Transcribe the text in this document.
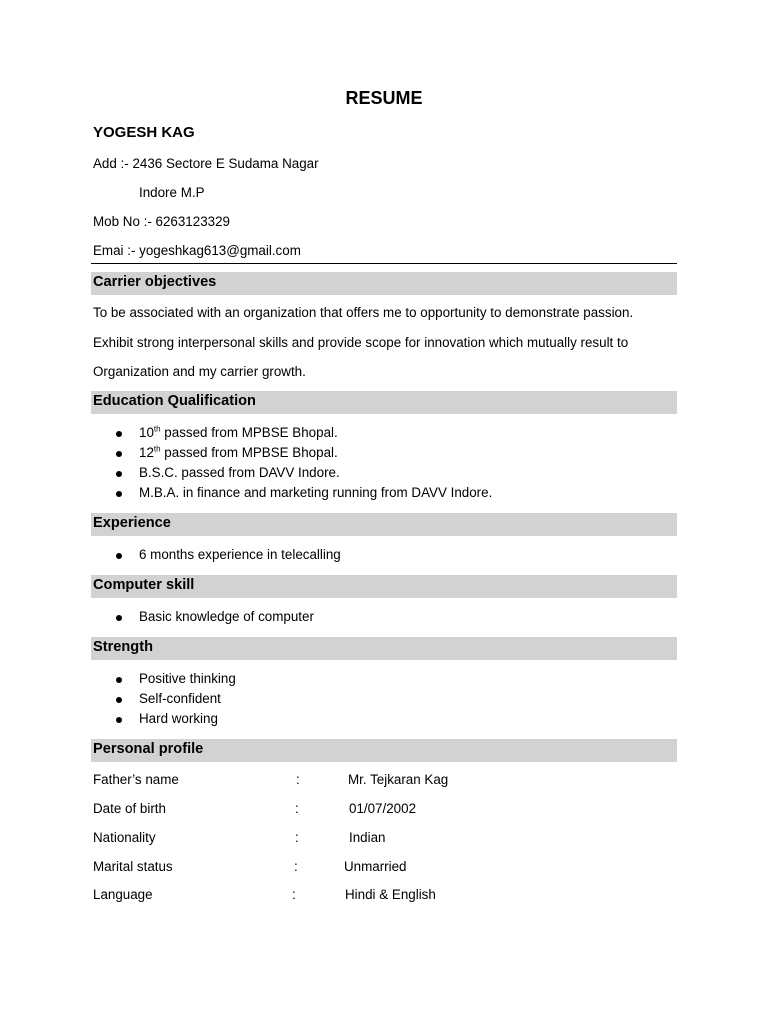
RESUME
YOGESH KAG
Add :- 2436 Sectore E Sudama Nagar
Indore M.P
Mob No :- 6263123329
Emai :- yogeshkag613@gmail.com
Carrier objectives
To be associated with an organization that offers me to opportunity to demonstrate passion.
Exhibit strong interpersonal skills and provide scope for innovation which mutually result to
Organization and my carrier growth.
Education Qualification
10th passed from MPBSE Bhopal.
12th passed from MPBSE Bhopal.
B.S.C. passed from DAVV Indore.
M.B.A. in finance and marketing running from DAVV Indore.
Experience
6 months experience in telecalling
Computer skill
Basic knowledge of computer
Strength
Positive thinking
Self-confident
Hard working
Personal profile
Father’s name	:	Mr. Tejkaran Kag
Date of birth	:	01/07/2002
Nationality	:	Indian
Marital status	:	Unmarried
Language	:	Hindi & English
